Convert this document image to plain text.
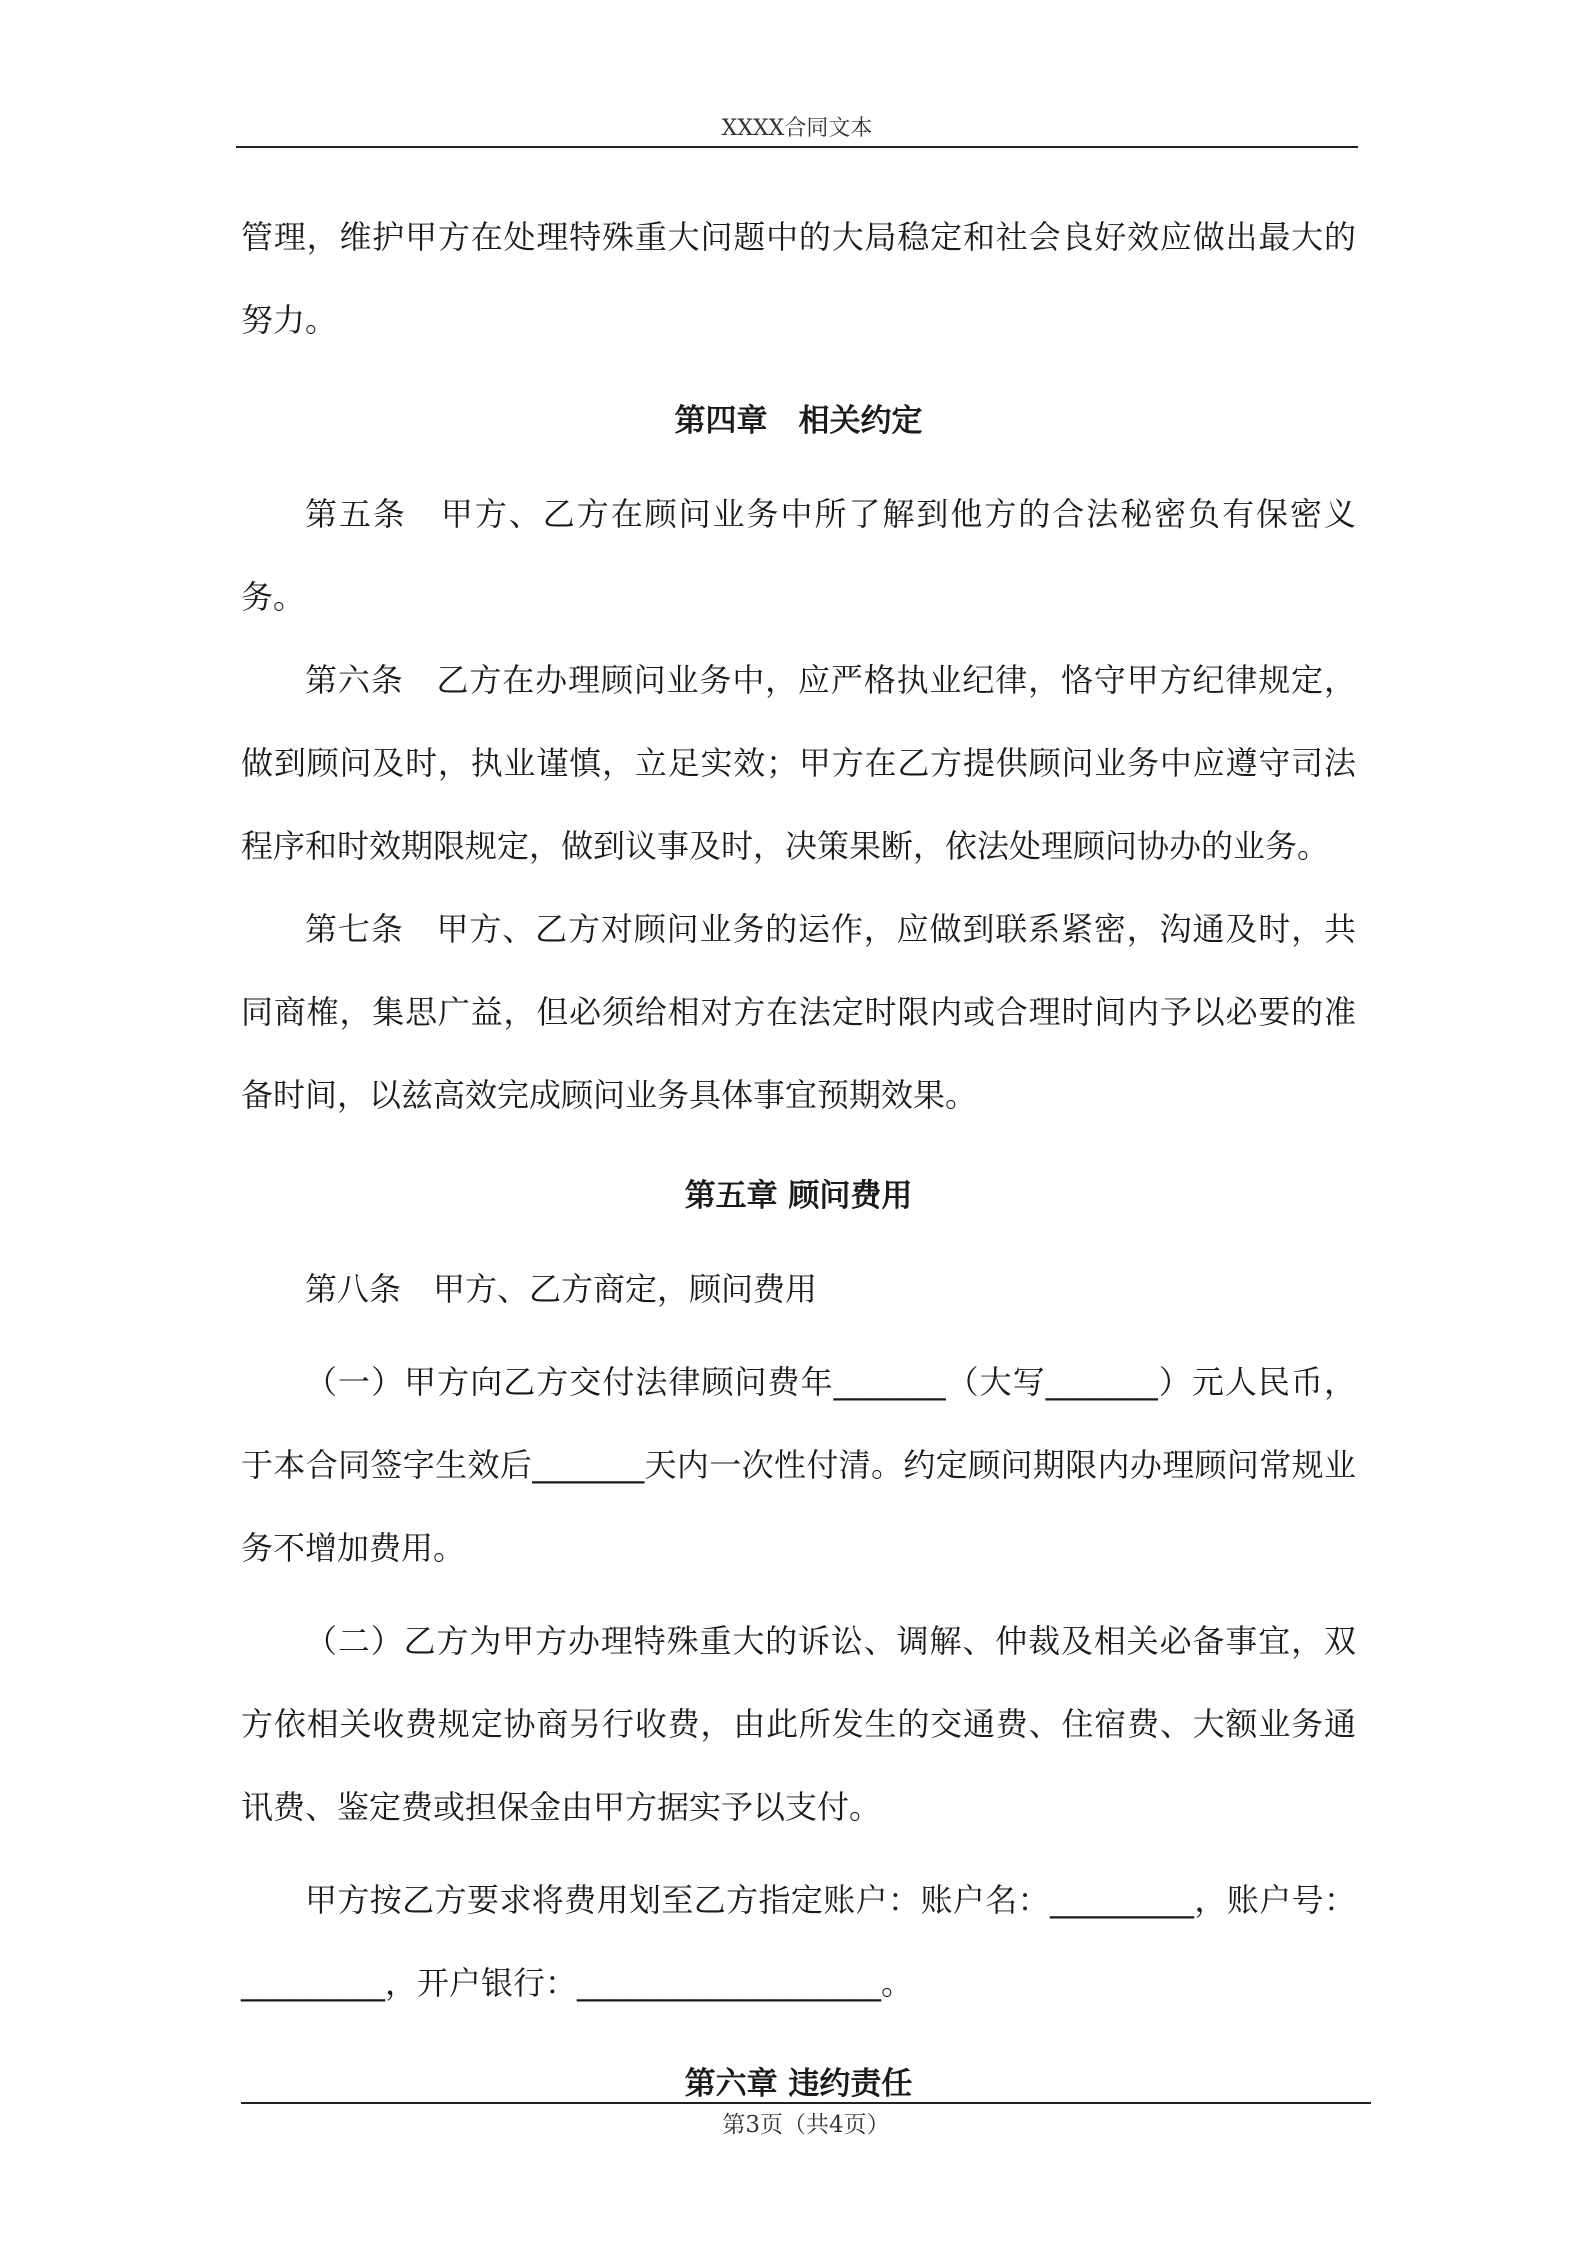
XXXX合同文本

管理，维护甲方在处理特殊重大问题中的大局稳定和社会良好效应做出最大的努力。

第四章　相关约定

第五条　甲方、乙方在顾问业务中所了解到他方的合法秘密负有保密义务。

第六条　乙方在办理顾问业务中，应严格执业纪律，恪守甲方纪律规定，做到顾问及时，执业谨慎，立足实效；甲方在乙方提供顾问业务中应遵守司法程序和时效期限规定，做到议事及时，决策果断，依法处理顾问协办的业务。

第七条　甲方、乙方对顾问业务的运作，应做到联系紧密，沟通及时，共同商榷，集思广益，但必须给相对方在法定时限内或合理时间内予以必要的准备时间，以兹高效完成顾问业务具体事宜预期效果。

第五章 顾问费用

第八条　甲方、乙方商定，顾问费用

（一）甲方向乙方交付法律顾问费年_______（大写_______）元人民币，于本合同签字生效后_______天内一次性付清。约定顾问期限内办理顾问常规业务不增加费用。

（二）乙方为甲方办理特殊重大的诉讼、调解、仲裁及相关必备事宜，双方依相关收费规定协商另行收费，由此所发生的交通费、住宿费、大额业务通讯费、鉴定费或担保金由甲方据实予以支付。

甲方按乙方要求将费用划至乙方指定账户：账户名：_________，账户号：_________，开户银行：___________________。

第六章 违约责任

第3页（共4页）
